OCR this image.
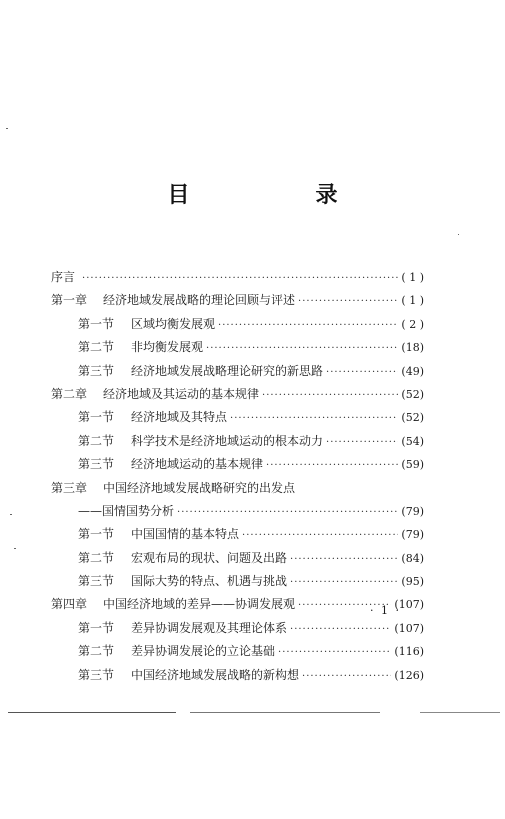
目　录
序言 ·····	( 1 )
第一章	经济地域发展战略的理论回顾与评述 ·····	( 1 )
第一节	区域均衡发展观 ·····	( 2 )
第二节	非均衡发展观 ·····	(18)
第三节	经济地域发展战略理论研究的新思路 ·····	(49)
第二章	经济地域及其运动的基本规律 ·····	(52)
第一节	经济地域及其特点 ·····	(52)
第二节	科学技术是经济地域运动的根本动力 ·····	(54)
第三节	经济地域运动的基本规律 ·····	(59)
第三章	中国经济地域发展战略研究的出发点
——国情国势分析 ·····	(79)
第一节	中国国情的基本特点 ·····	(79)
第二节	宏观布局的现状、问题及出路 ·····	(84)
第三节	国际大势的特点、机遇与挑战 ·····	(95)
第四章	中国经济地域的差异——协调发展观 ·····	(107)
第一节	差异协调发展观及其理论体系 ·····	(107)
第二节	差异协调发展论的立论基础 ·····	(116)
第三节	中国经济地域发展战略的新构想 ·····	(126)
· 1 ·
